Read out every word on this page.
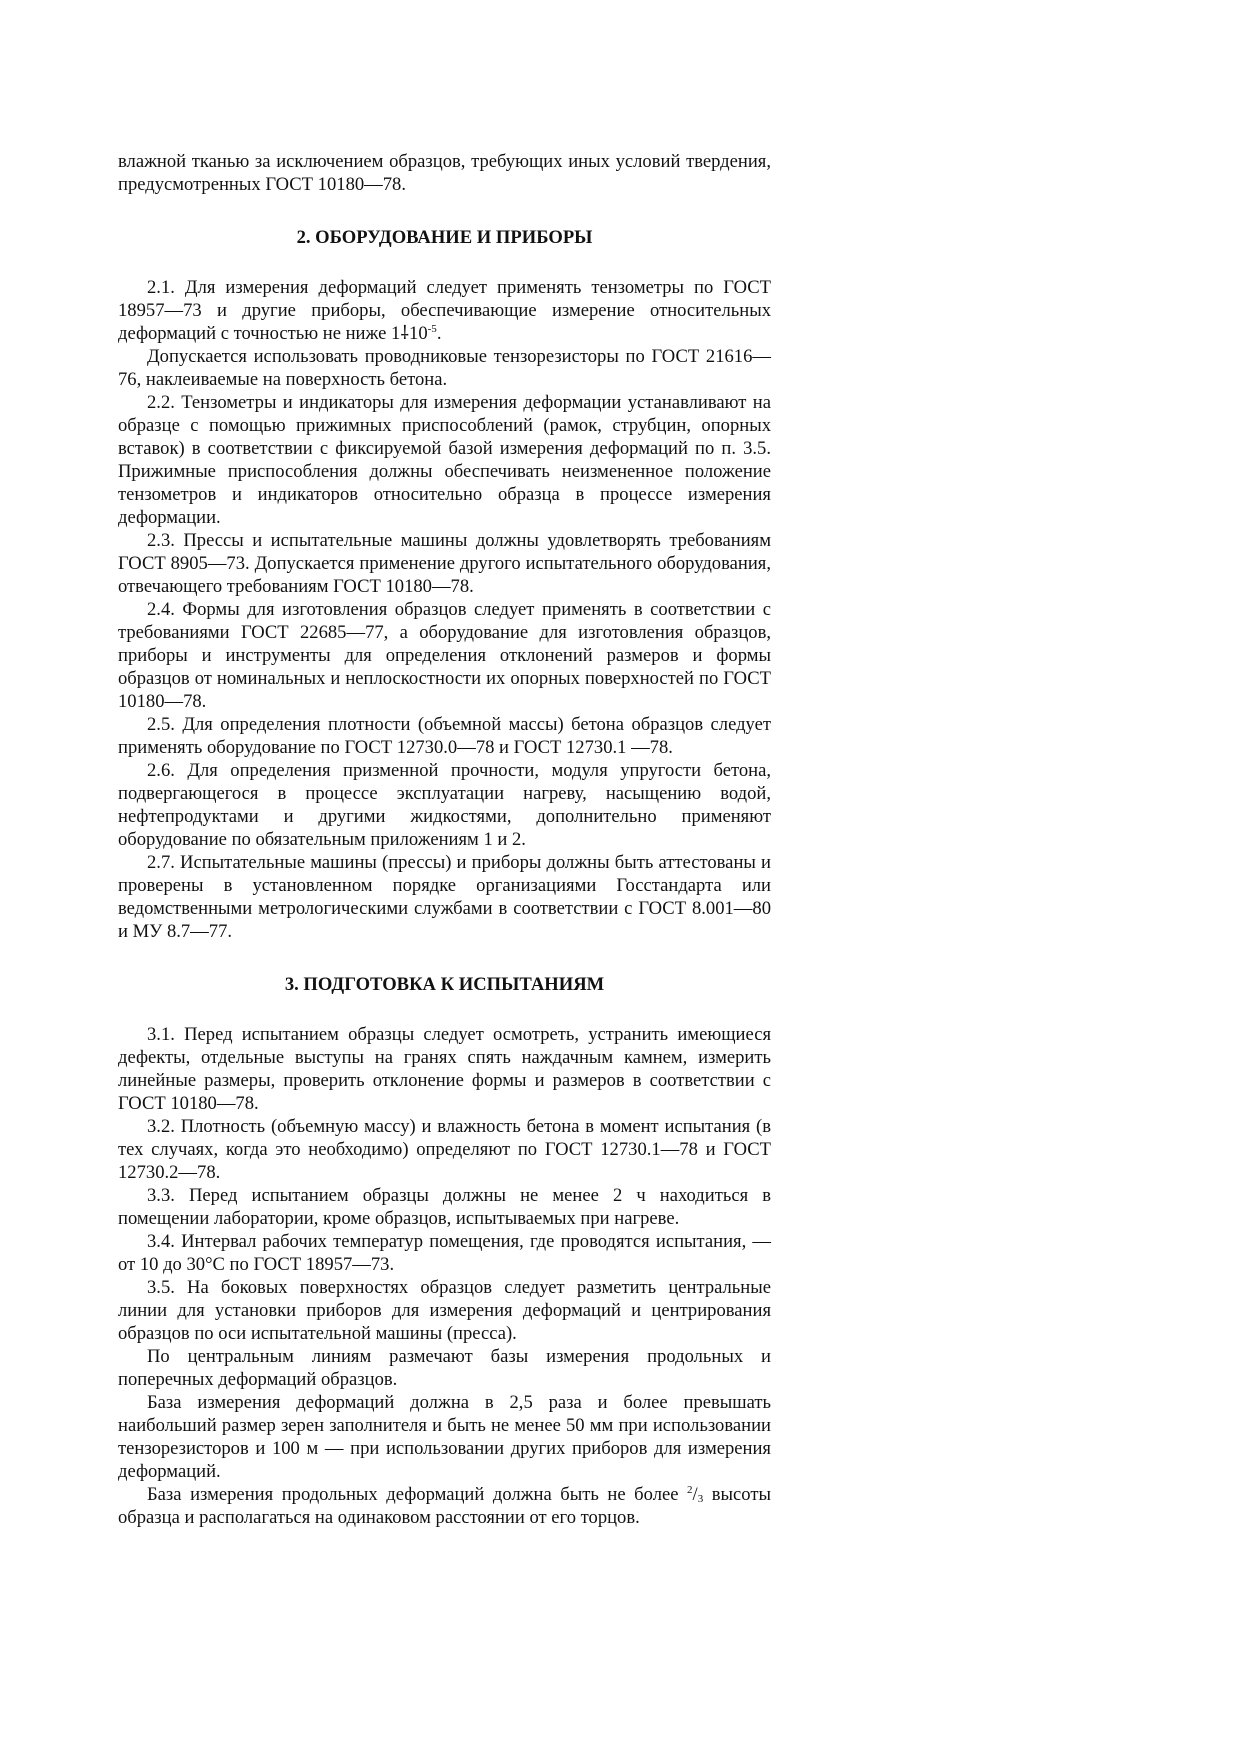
влажной тканью за исключением образцов, требующих иных условий твердения, предусмотренных ГОСТ 10180—78.

2. ОБОРУДОВАНИЕ И ПРИБОРЫ

2.1. Для измерения деформаций следует применять тензометры по ГОСТ 18957—73 и другие приборы, обеспечивающие измерение относительных деформаций с точностью не ниже $1⸸10^{-5}$.

Допускается использовать проводниковые тензорезисторы по ГОСТ 21616—76, наклеиваемые на поверхность бетона.

2.2. Тензометры и индикаторы для измерения деформации устанавливают на образце с помощью прижимных приспособлений (рамок, струбцин, опорных вставок) в соответствии с фиксируемой базой измерения деформаций по п. 3.5. Прижимные приспособления должны обеспечивать неизмененное положение тензометров и индикаторов относительно образца в процессе измерения деформации.

2.3. Прессы и испытательные машины должны удовлетворять требованиям ГОСТ 8905—73. Допускается применение другого испытательного оборудования, отвечающего требованиям ГОСТ 10180—78.

2.4. Формы для изготовления образцов следует применять в соответствии с требованиями ГОСТ 22685—77, а оборудование для изготовления образцов, приборы и инструменты для определения отклонений размеров и формы образцов от номинальных и неплоскостности их опорных поверхностей по ГОСТ 10180—78.

2.5. Для определения плотности (объемной массы) бетона образцов следует применять оборудование по ГОСТ 12730.0—78 и ГОСТ 12730.1 —78.

2.6. Для определения призменной прочности, модуля упругости бетона, подвергающегося в процессе эксплуатации нагреву, насыщению водой, нефтепродуктами и другими жидкостями, дополнительно применяют оборудование по обязательным приложениям 1 и 2.

2.7. Испытательные машины (прессы) и приборы должны быть аттестованы и проверены в установленном порядке организациями Госстандарта или ведомственными метрологическими службами в соответствии с ГОСТ 8.001—80 и МУ 8.7—77.

3. ПОДГОТОВКА К ИСПЫТАНИЯМ

3.1. Перед испытанием образцы следует осмотреть, устранить имеющиеся дефекты, отдельные выступы на гранях спять наждачным камнем, измерить линейные размеры, проверить отклонение формы и размеров в соответствии с ГОСТ 10180—78.

3.2. Плотность (объемную массу) и влажность бетона в момент испытания (в тех случаях, когда это необходимо) определяют по ГОСТ 12730.1—78 и ГОСТ 12730.2—78.

3.3. Перед испытанием образцы должны не менее 2 ч находиться в помещении лаборатории, кроме образцов, испытываемых при нагреве.

3.4. Интервал рабочих температур помещения, где проводятся испытания, — от 10 до 30°C по ГОСТ 18957—73.

3.5. На боковых поверхностях образцов следует разметить центральные линии для установки приборов для измерения деформаций и центрирования образцов по оси испытательной машины (пресса).

По центральным линиям размечают базы измерения продольных и поперечных деформаций образцов.

База измерения деформаций должна в 2,5 раза и более превышать наибольший размер зерен заполнителя и быть не менее 50 мм при использовании тензорезисторов и 100 м — при использовании других приборов для измерения деформаций.

База измерения продольных деформаций должна быть не более $^2/_3$ высоты образца и располагаться на одинаковом расстоянии от его торцов.
